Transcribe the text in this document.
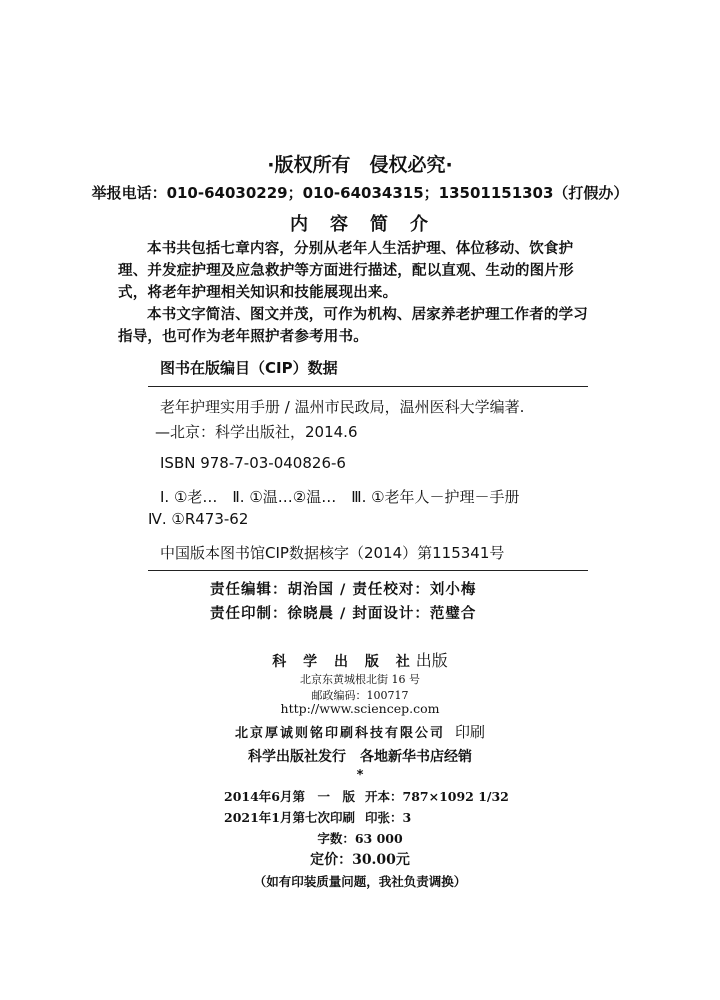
·版权所有　侵权必究·
举报电话：010-64030229；010-64034315；13501151303（打假办）
内　容　简　介

本书共包括七章内容，分别从老年人生活护理、体位移动、饮食护理、并发症护理及应急救护等方面进行描述，配以直观、生动的图片形式，将老年护理相关知识和技能展现出来。

本书文字简洁、图文并茂，可作为机构、居家养老护理工作者的学习指导，也可作为老年照护者参考用书。

图书在版编目（CIP）数据
老年护理实用手册 / 温州市民政局，温州医科大学编著.
—北京：科学出版社，2014.6
ISBN 978-7-03-040826-6
Ⅰ. ①老…　Ⅱ. ①温…②温…　Ⅲ. ①老年人－护理－手册
Ⅳ. ①R473-62
中国版本图书馆CIP数据核字（2014）第115341号
责任编辑：胡治国 / 责任校对：刘小梅
责任印制：徐晓晨 / 封面设计：范璧合
科 学 出 版 社出版
北京东黄城根北街 16 号
邮政编码：100717
http://www.sciencep.com
北京厚诚则铭印刷科技有限公司 印刷
科学出版社发行　各地新华书店经销
*
2014年6月第　一　版 开本：787×1092 1/32
2021年1月第七次印刷 印张：3
字数：63 000
定价：30.00元
（如有印装质量问题，我社负责调换）
